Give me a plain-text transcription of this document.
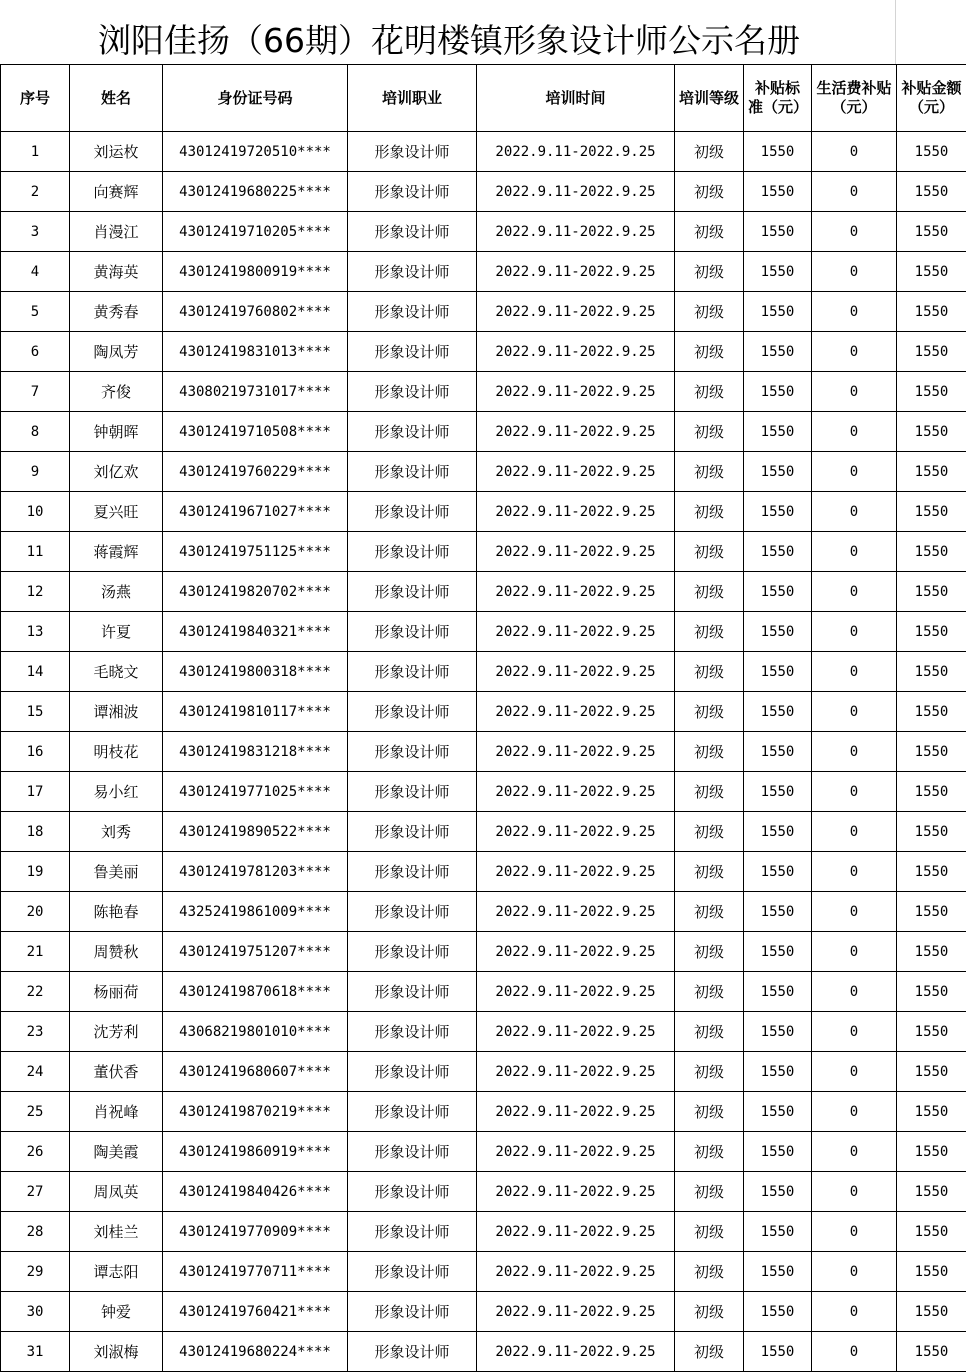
浏阳佳扬（66期）花明楼镇形象设计师公示名册
序号	姓名	身份证号码	培训职业	培训时间	培训等级	补贴标准（元）	生活费补贴（元）	补贴金额（元）
1	刘运枚	43012419720510****	形象设计师	2022.9.11-2022.9.25	初级	1550	0	1550
2	向赛辉	43012419680225****	形象设计师	2022.9.11-2022.9.25	初级	1550	0	1550
3	肖漫江	43012419710205****	形象设计师	2022.9.11-2022.9.25	初级	1550	0	1550
4	黄海英	43012419800919****	形象设计师	2022.9.11-2022.9.25	初级	1550	0	1550
5	黄秀春	43012419760802****	形象设计师	2022.9.11-2022.9.25	初级	1550	0	1550
6	陶凤芳	43012419831013****	形象设计师	2022.9.11-2022.9.25	初级	1550	0	1550
7	齐俊	43080219731017****	形象设计师	2022.9.11-2022.9.25	初级	1550	0	1550
8	钟朝晖	43012419710508****	形象设计师	2022.9.11-2022.9.25	初级	1550	0	1550
9	刘亿欢	43012419760229****	形象设计师	2022.9.11-2022.9.25	初级	1550	0	1550
10	夏兴旺	43012419671027****	形象设计师	2022.9.11-2022.9.25	初级	1550	0	1550
11	蒋霞辉	43012419751125****	形象设计师	2022.9.11-2022.9.25	初级	1550	0	1550
12	汤燕	43012419820702****	形象设计师	2022.9.11-2022.9.25	初级	1550	0	1550
13	许夏	43012419840321****	形象设计师	2022.9.11-2022.9.25	初级	1550	0	1550
14	毛晓文	43012419800318****	形象设计师	2022.9.11-2022.9.25	初级	1550	0	1550
15	谭湘波	43012419810117****	形象设计师	2022.9.11-2022.9.25	初级	1550	0	1550
16	明枝花	43012419831218****	形象设计师	2022.9.11-2022.9.25	初级	1550	0	1550
17	易小红	43012419771025****	形象设计师	2022.9.11-2022.9.25	初级	1550	0	1550
18	刘秀	43012419890522****	形象设计师	2022.9.11-2022.9.25	初级	1550	0	1550
19	鲁美丽	43012419781203****	形象设计师	2022.9.11-2022.9.25	初级	1550	0	1550
20	陈艳春	43252419861009****	形象设计师	2022.9.11-2022.9.25	初级	1550	0	1550
21	周赞秋	43012419751207****	形象设计师	2022.9.11-2022.9.25	初级	1550	0	1550
22	杨丽荷	43012419870618****	形象设计师	2022.9.11-2022.9.25	初级	1550	0	1550
23	沈芳利	43068219801010****	形象设计师	2022.9.11-2022.9.25	初级	1550	0	1550
24	董伏香	43012419680607****	形象设计师	2022.9.11-2022.9.25	初级	1550	0	1550
25	肖祝峰	43012419870219****	形象设计师	2022.9.11-2022.9.25	初级	1550	0	1550
26	陶美霞	43012419860919****	形象设计师	2022.9.11-2022.9.25	初级	1550	0	1550
27	周凤英	43012419840426****	形象设计师	2022.9.11-2022.9.25	初级	1550	0	1550
28	刘桂兰	43012419770909****	形象设计师	2022.9.11-2022.9.25	初级	1550	0	1550
29	谭志阳	43012419770711****	形象设计师	2022.9.11-2022.9.25	初级	1550	0	1550
30	钟爱	43012419760421****	形象设计师	2022.9.11-2022.9.25	初级	1550	0	1550
31	刘淑梅	43012419680224****	形象设计师	2022.9.11-2022.9.25	初级	1550	0	1550
